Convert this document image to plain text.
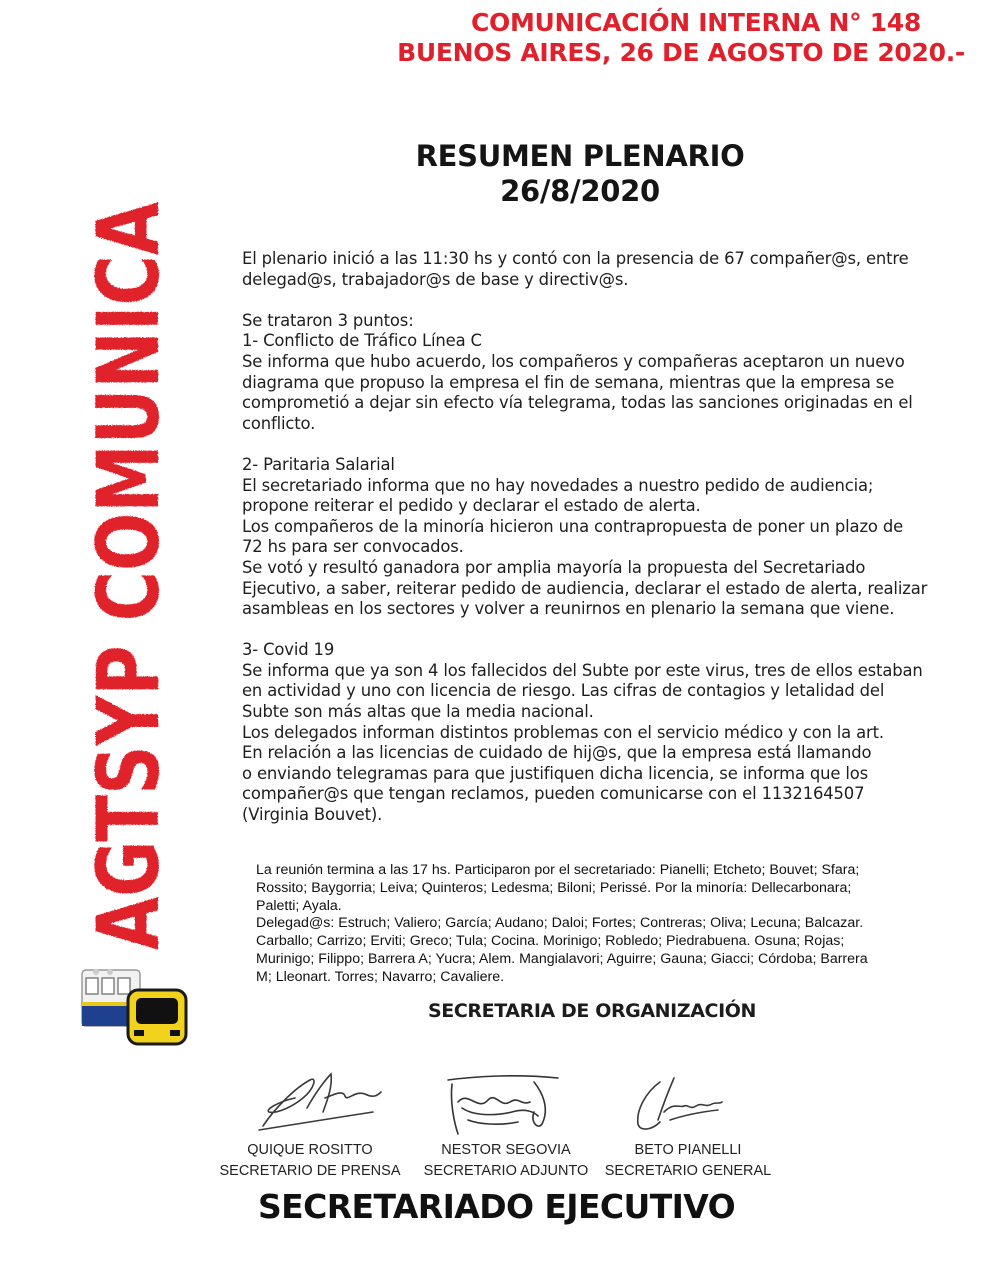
COMUNICACIÓN INTERNA N° 148
BUENOS AIRES, 26 DE AGOSTO DE 2020.-
AGTSYP COMUNICA	RESUMEN PLENARIO
26/8/2020
El plenario inició a las 11:30 hs y contó con la presencia de 67 compañer@s, entre
delegad@s, trabajador@s de base y directiv@s.
Se trataron 3 puntos:
1- Conflicto de Tráfico Línea C
Se informa que hubo acuerdo, los compañeros y compañeras aceptaron un nuevo
diagrama que propuso la empresa el fin de semana, mientras que la empresa se
comprometió a dejar sin efecto vía telegrama, todas las sanciones originadas en el
conflicto.
2- Paritaria Salarial
El secretariado informa que no hay novedades a nuestro pedido de audiencia;
propone reiterar el pedido y declarar el estado de alerta.
Los compañeros de la minoría hicieron una contrapropuesta de poner un plazo de
72 hs para ser convocados.
Se votó y resultó ganadora por amplia mayoría la propuesta del Secretariado
Ejecutivo, a saber, reiterar pedido de audiencia, declarar el estado de alerta, realizar
asambleas en los sectores y volver a reunirnos en plenario la semana que viene.
3- Covid 19
Se informa que ya son 4 los fallecidos del Subte por este virus, tres de ellos estaban
en actividad y uno con licencia de riesgo. Las cifras de contagios y letalidad del
Subte son más altas que la media nacional.
Los delegados informan distintos problemas con el servicio médico y con la art.
En relación a las licencias de cuidado de hij@s, que la empresa está llamando
o enviando telegramas para que justifiquen dicha licencia, se informa que los
compañer@s que tengan reclamos, pueden comunicarse con el 1132164507
(Virginia Bouvet).
La reunión termina a las 17 hs. Participaron por el secretariado: Pianelli; Etcheto; Bouvet; Sfara;
Rossito; Baygorria; Leiva; Quinteros; Ledesma; Biloni; Perissé. Por la minoría: Dellecarbonara;
Paletti; Ayala.
Delegad@s: Estruch; Valiero; García; Audano; Daloi; Fortes; Contreras; Oliva; Lecuna; Balcazar.
Carballo; Carrizo; Erviti; Greco; Tula; Cocina. Morinigo; Robledo; Piedrabuena. Osuna; Rojas;
Murinigo; Filippo; Barrera A; Yucra; Alem. Mangialavori; Aguirre; Gauna; Giacci; Córdoba; Barrera
M; Lleonart. Torres; Navarro; Cavaliere.
SECRETARIA DE ORGANIZACIÓN
QUIQUE ROSITTO
SECRETARIO DE PRENSA
NESTOR SEGOVIA
SECRETARIO ADJUNTO
BETO PIANELLI
SECRETARIO GENERAL
SECRETARIADO EJECUTIVO
